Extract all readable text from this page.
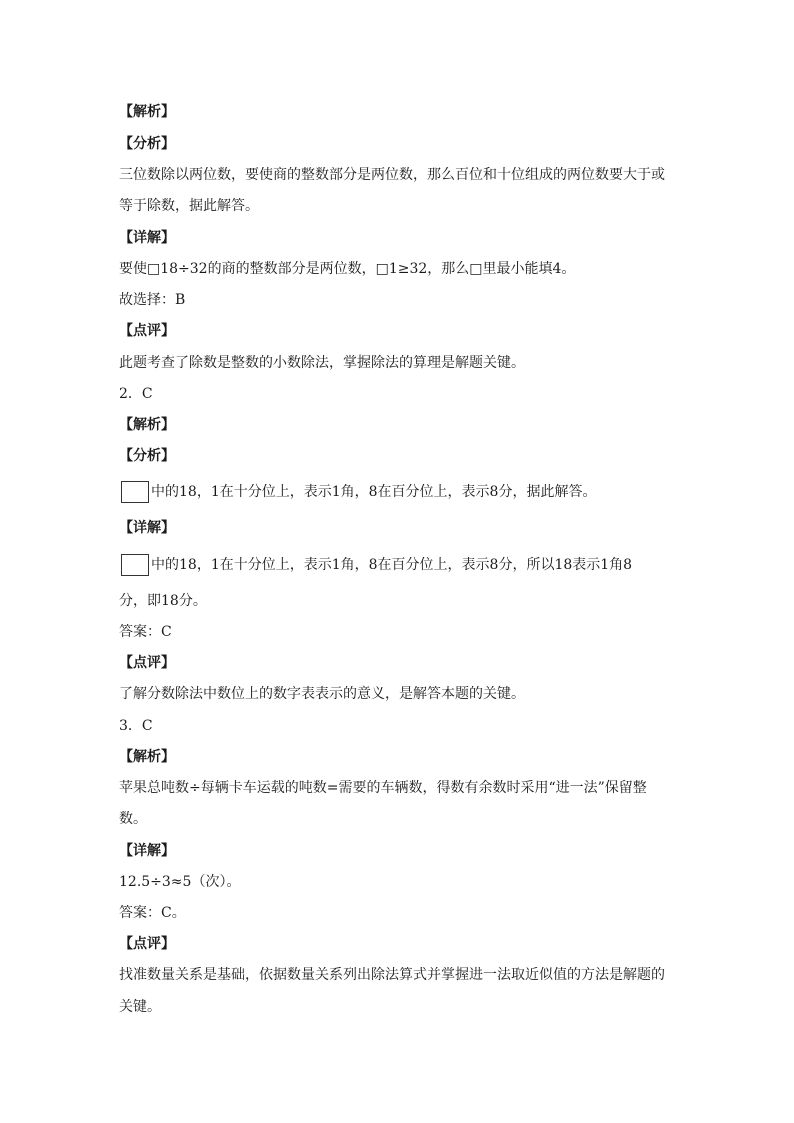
【解析】
【分析】
三位数除以两位数，要使商的整数部分是两位数，那么百位和十位组成的两位数要大于或
等于除数，据此解答。
【详解】
要使□18÷32的商的整数部分是两位数，□1≥32，那么□里最小能填4。
故选择：B
【点评】
此题考查了除数是整数的小数除法，掌握除法的算理是解题关键。
2．C
【解析】
【分析】
中的18，1在十分位上，表示1角，8在百分位上，表示8分，据此解答。
【详解】
中的18，1在十分位上，表示1角，8在百分位上，表示8分，所以18表示1角8
分，即18分。
答案：C
【点评】
了解分数除法中数位上的数字表表示的意义，是解答本题的关键。
3．C
【解析】
苹果总吨数÷每辆卡车运载的吨数=需要的车辆数，得数有余数时采用“进一法”保留整
数。
【详解】
12.5÷3≈5（次）。
答案：C。
【点评】
找准数量关系是基础，依据数量关系列出除法算式并掌握进一法取近似值的方法是解题的
关键。
